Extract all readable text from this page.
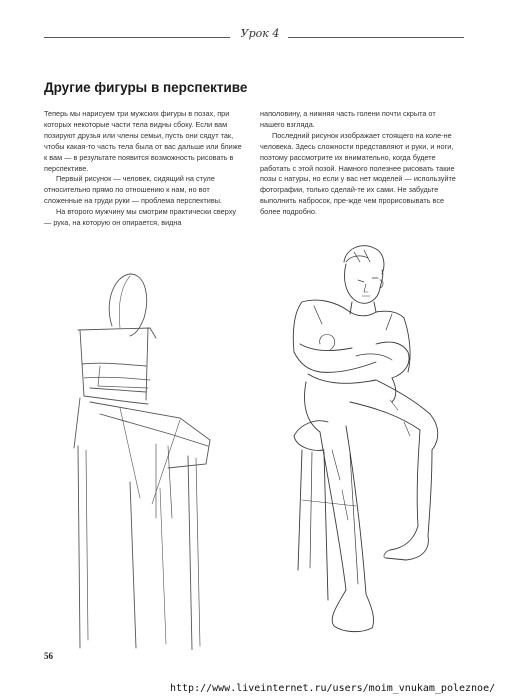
Урок 4
Другие фигуры в перспективе

Теперь мы нарисуем три мужских фигуры в позах, при которых некоторые части тела видны сбоку. Если вам позируют друзья или члены семьи, пусть они сядут так, чтобы какая-то часть тела была от вас дальше или ближе к вам — в результате появится возможность рисовать в перспективе.

Первый рисунок — человек, сидящий на стуле относительно прямо по отношению к нам, но вот сложенные на груди руки — проблема перспективы.

На второго мужчину мы смотрим практически сверху — рука, на которую он опирается, видна

наполовину, а нижняя часть голени почти скрыта от нашего взгляда.

Последний рисунок изображает стоящего на коле-не человека. Здесь сложности представляют и руки, и ноги, поэтому рассмотрите их внимательно, когда будете работать с этой позой. Намного полезнее рисовать такие позы с натуры, но если у вас нет моделей — используйте фотографии, только сделай-те их сами. Не забудьте выполнить набросок, пре-жде чем прорисовывать все более подробно.

56
http://www.liveinternet.ru/users/moim_vnukam_poleznoe/
